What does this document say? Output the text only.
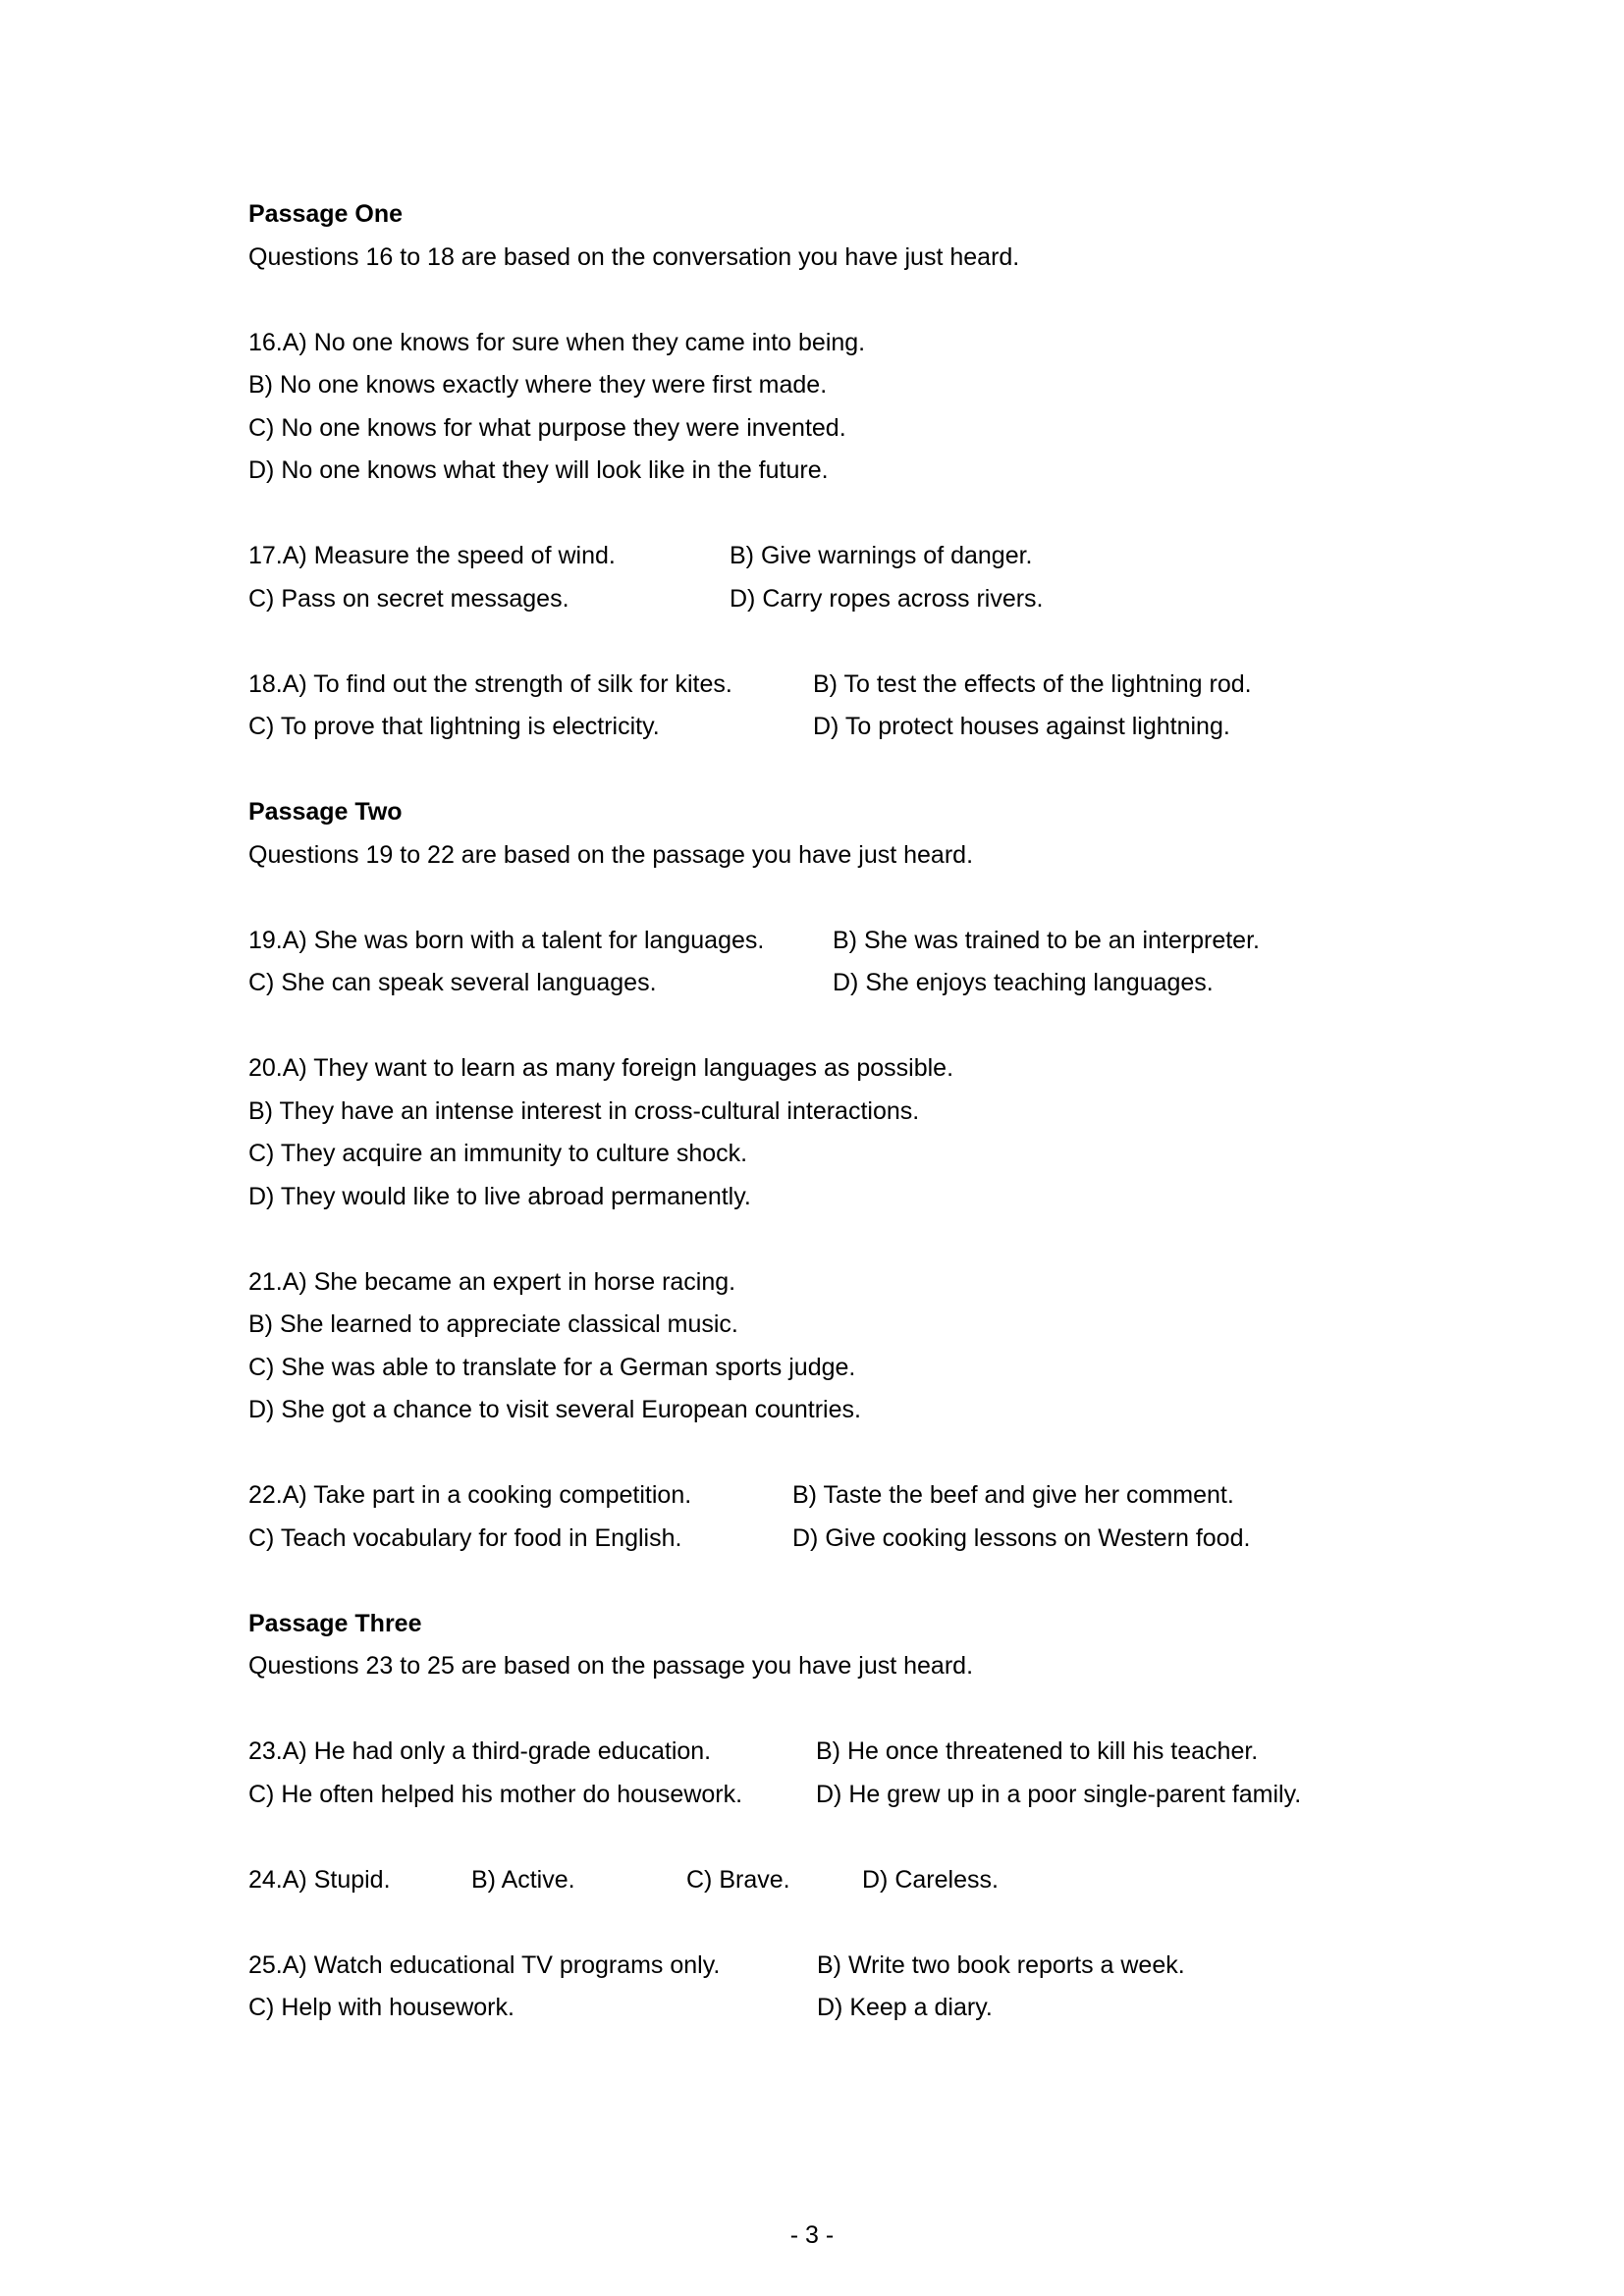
Passage One
Questions 16 to 18 are based on the conversation you have just heard.
16.A) No one knows for sure when they came into being.
B) No one knows exactly where they were first made.
C) No one knows for what purpose they were invented.
D) No one knows what they will look like in the future.
17.A) Measure the speed of wind.	B) Give warnings of danger.
C) Pass on secret messages.	D) Carry ropes across rivers.
18.A) To find out the strength of silk for kites.	B) To test the effects of the lightning rod.
C) To prove that lightning is electricity.	D) To protect houses against lightning.
Passage Two
Questions 19 to 22 are based on the passage you have just heard.
19.A) She was born with a talent for languages.	B) She was trained to be an interpreter.
C) She can speak several languages.	D) She enjoys teaching languages.
20.A) They want to learn as many foreign languages as possible.
B) They have an intense interest in cross-cultural interactions.
C) They acquire an immunity to culture shock.
D) They would like to live abroad permanently.
21.A) She became an expert in horse racing.
B) She learned to appreciate classical music.
C) She was able to translate for a German sports judge.
D) She got a chance to visit several European countries.
22.A) Take part in a cooking competition.	B) Taste the beef and give her comment.
C) Teach vocabulary for food in English.	D) Give cooking lessons on Western food.
Passage Three
Questions 23 to 25 are based on the passage you have just heard.
23.A) He had only a third-grade education.	B) He once threatened to kill his teacher.
C) He often helped his mother do housework.	D) He grew up in a poor single-parent family.
24.A) Stupid.	B) Active.	C) Brave.	D) Careless.
25.A) Watch educational TV programs only.	B) Write two book reports a week.
C) Help with housework.	D) Keep a diary.
- 3 -
